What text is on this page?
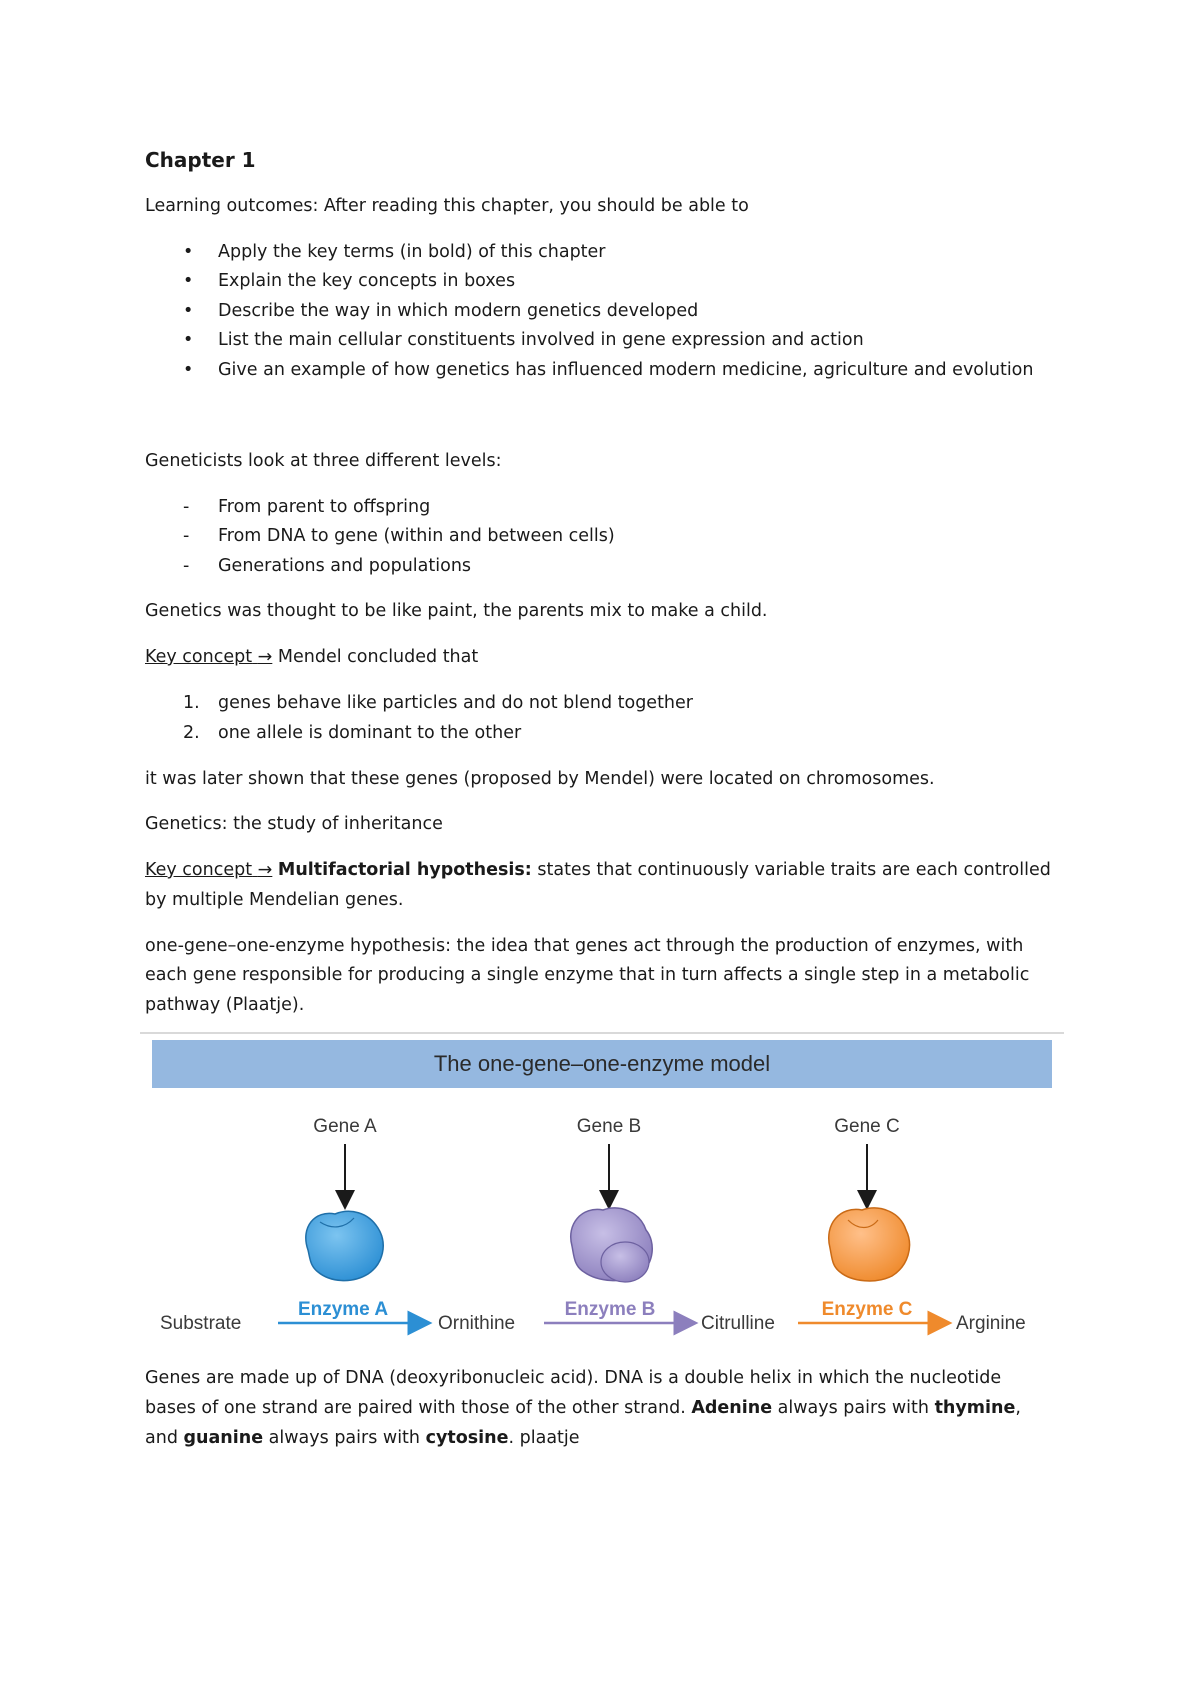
Chapter 1
Learning outcomes: After reading this chapter, you should be able to
• Apply the key terms (in bold) of this chapter
• Explain the key concepts in boxes
• Describe the way in which modern genetics developed
• List the main cellular constituents involved in gene expression and action
• Give an example of how genetics has influenced modern medicine, agriculture and evolution
Geneticists look at three different levels:
- From parent to offspring
- From DNA to gene (within and between cells)
- Generations and populations
Genetics was thought to be like paint, the parents mix to make a child.
Key concept → Mendel concluded that
1. genes behave like particles and do not blend together
2. one allele is dominant to the other
it was later shown that these genes (proposed by Mendel) were located on chromosomes.
Genetics: the study of inheritance
Key concept → Multifactorial hypothesis: states that continuously variable traits are each controlled
by multiple Mendelian genes.
one-gene–one-enzyme hypothesis: the idea that genes act through the production of enzymes, with
each gene responsible for producing a single enzyme that in turn affects a single step in a metabolic
pathway (Plaatje).
Genes are made up of DNA (deoxyribonucleic acid). DNA is a double helix in which the nucleotide
bases of one strand are paired with those of the other strand. Adenine always pairs with thymine,
and guanine always pairs with cytosine. plaatje
The one-gene–one-enzyme model
Gene A	Gene B	Gene C
Substrate	Ornithine	Citrulline	Arginine
Enzyme A	Enzyme B	Enzyme C
